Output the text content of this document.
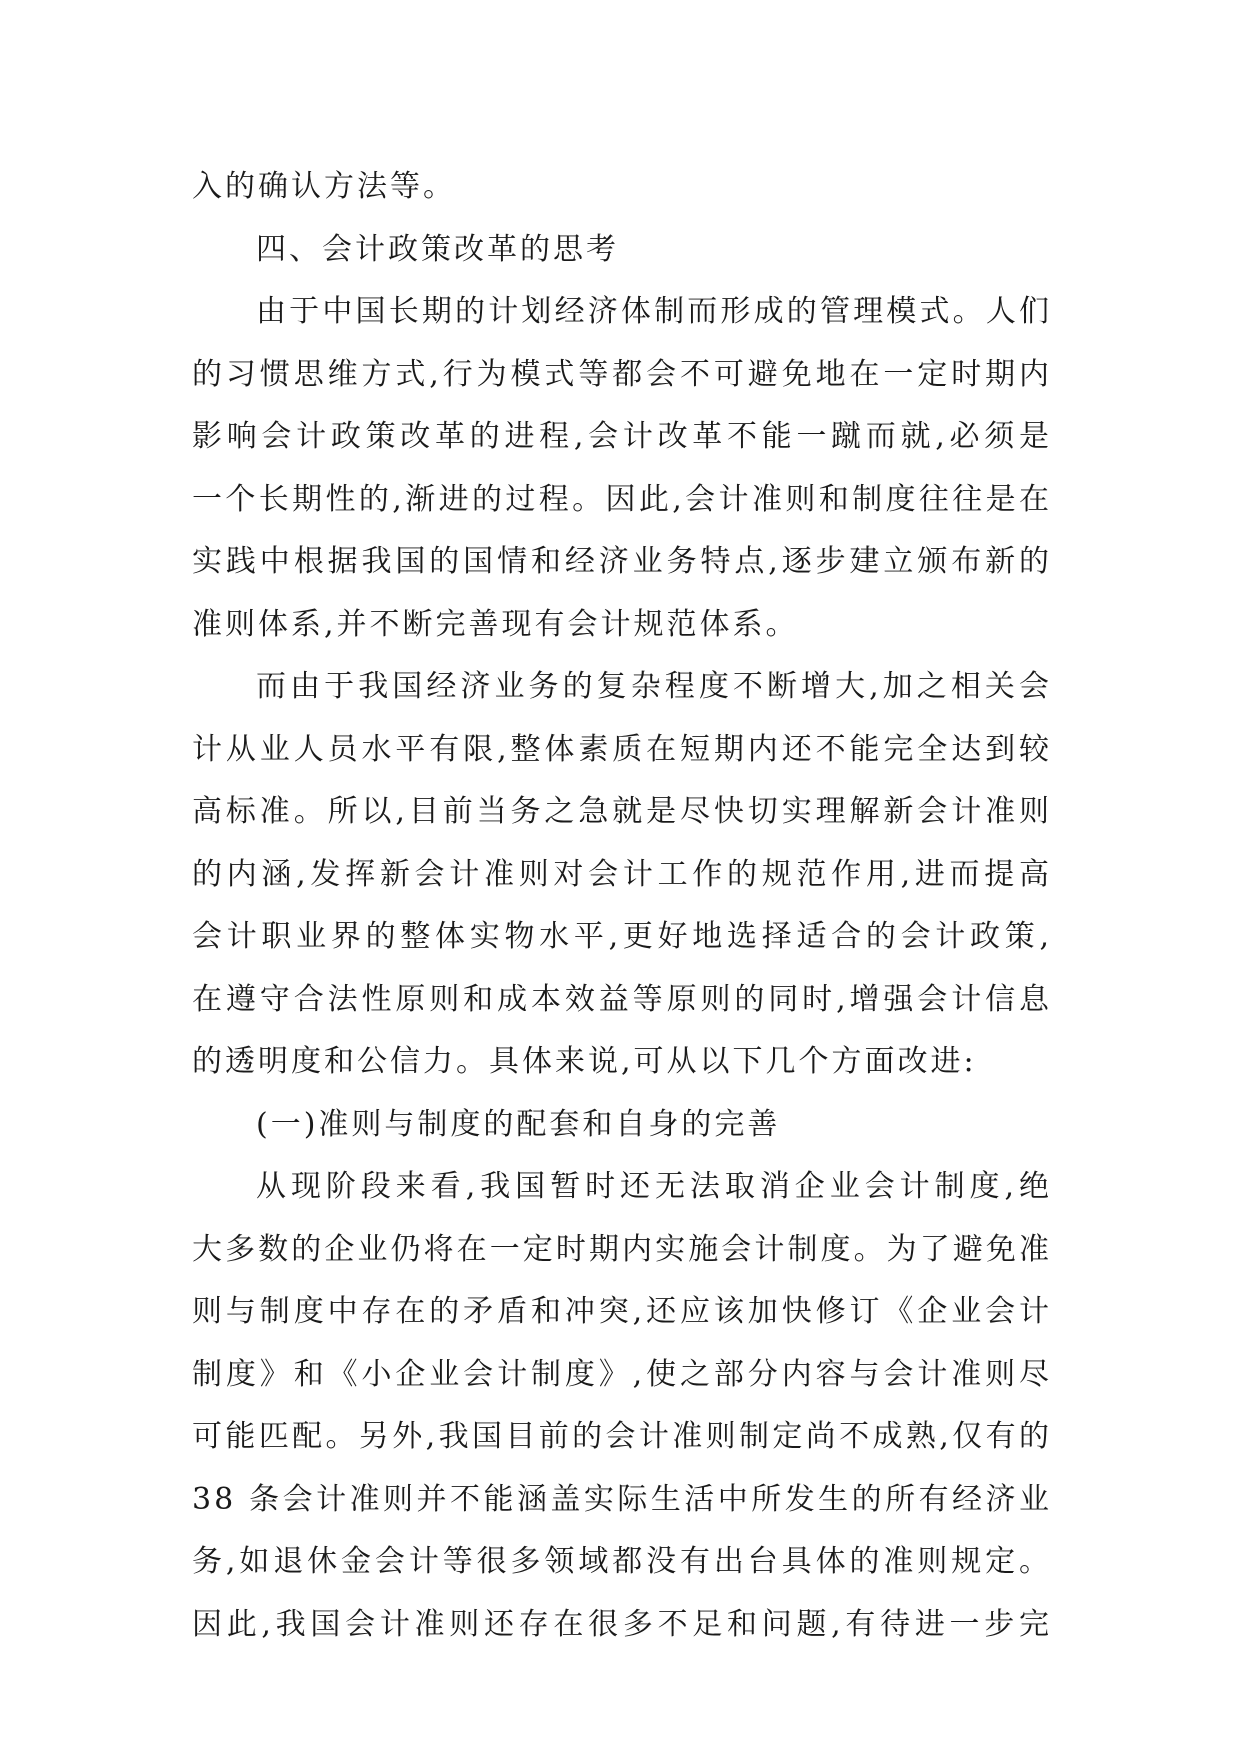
入的确认方法等。
四、会计政策改革的思考
由于中国长期的计划经济体制而形成的管理模式。人们
的习惯思维方式,行为模式等都会不可避免地在一定时期内
影响会计政策改革的进程,会计改革不能一蹴而就,必须是
一个长期性的,渐进的过程。因此,会计准则和制度往往是在
实践中根据我国的国情和经济业务特点,逐步建立颁布新的
准则体系,并不断完善现有会计规范体系。
而由于我国经济业务的复杂程度不断增大,加之相关会
计从业人员水平有限,整体素质在短期内还不能完全达到较
高标准。所以,目前当务之急就是尽快切实理解新会计准则
的内涵,发挥新会计准则对会计工作的规范作用,进而提高
会计职业界的整体实物水平,更好地选择适合的会计政策,
在遵守合法性原则和成本效益等原则的同时,增强会计信息
的透明度和公信力。具体来说,可从以下几个方面改进:
(一)准则与制度的配套和自身的完善
从现阶段来看,我国暂时还无法取消企业会计制度,绝
大多数的企业仍将在一定时期内实施会计制度。为了避免准
则与制度中存在的矛盾和冲突,还应该加快修订《企业会计
制度》和《小企业会计制度》,使之部分内容与会计准则尽
可能匹配。另外,我国目前的会计准则制定尚不成熟,仅有的
38 条会计准则并不能涵盖实际生活中所发生的所有经济业
务,如退休金会计等很多领域都没有出台具体的准则规定。
因此,我国会计准则还存在很多不足和问题,有待进一步完
